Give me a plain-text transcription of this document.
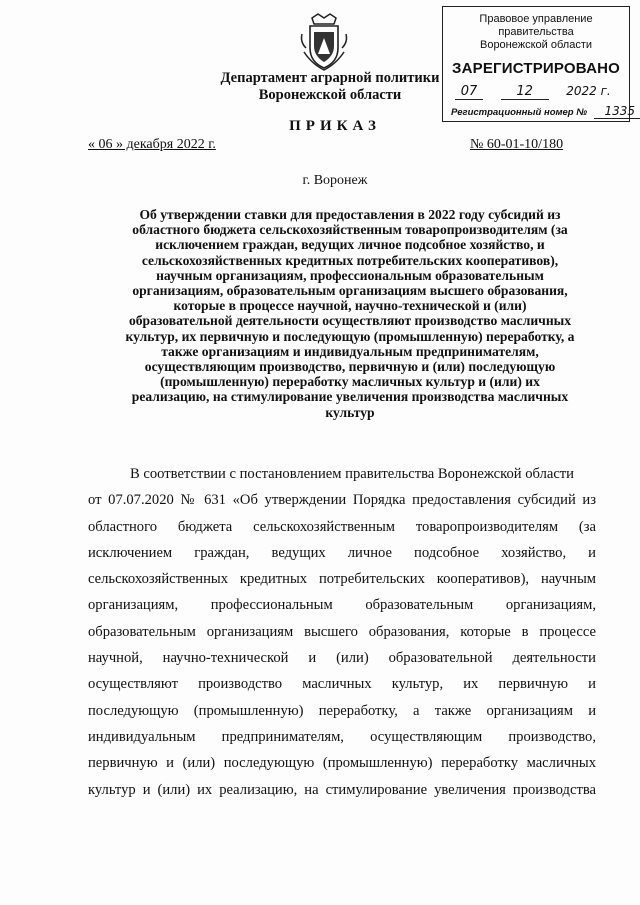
Правовое управление правительства
Воронежской области
ЗАРЕГИСТРИРОВАНО
07	12	2022 г.
Регистрационный номер № 1335
Департамент аграрной политики
Воронежской области
ПРИКАЗ
« 06 » декабря 2022 г.	№ 60-01-10/180
г. Воронеж
Об утверждении ставки для предоставления в 2022 году субсидий из
областного бюджета сельскохозяйственным товаропроизводителям (за
исключением граждан, ведущих личное подсобное хозяйство, и
сельскохозяйственных кредитных потребительских кооперативов),
научным организациям, профессиональным образовательным
организациям, образовательным организациям высшего образования,
которые в процессе научной, научно-технической и (или)
образовательной деятельности осуществляют производство масличных
культур, их первичную и последующую (промышленную) переработку, а
также организациям и индивидуальным предпринимателям,
осуществляющим производство, первичную и (или) последующую
(промышленную) переработку масличных культур и (или) их
реализацию, на стимулирование увеличения производства масличных
культур
В соответствии с постановлением правительства Воронежской области
от 07.07.2020 № 631 «Об утверждении Порядка предоставления субсидий из
областного бюджета сельскохозяйственным товаропроизводителям (за
исключением граждан, ведущих личное подсобное хозяйство, и
сельскохозяйственных кредитных потребительских кооперативов), научным
организациям, профессиональным образовательным организациям,
образовательным организациям высшего образования, которые в процессе
научной, научно-технической и (или) образовательной деятельности
осуществляют производство масличных культур, их первичную и
последующую (промышленную) переработку, а также организациям и
индивидуальным предпринимателям, осуществляющим производство,
первичную и (или) последующую (промышленную) переработку масличных
культур и (или) их реализацию, на стимулирование увеличения производства
